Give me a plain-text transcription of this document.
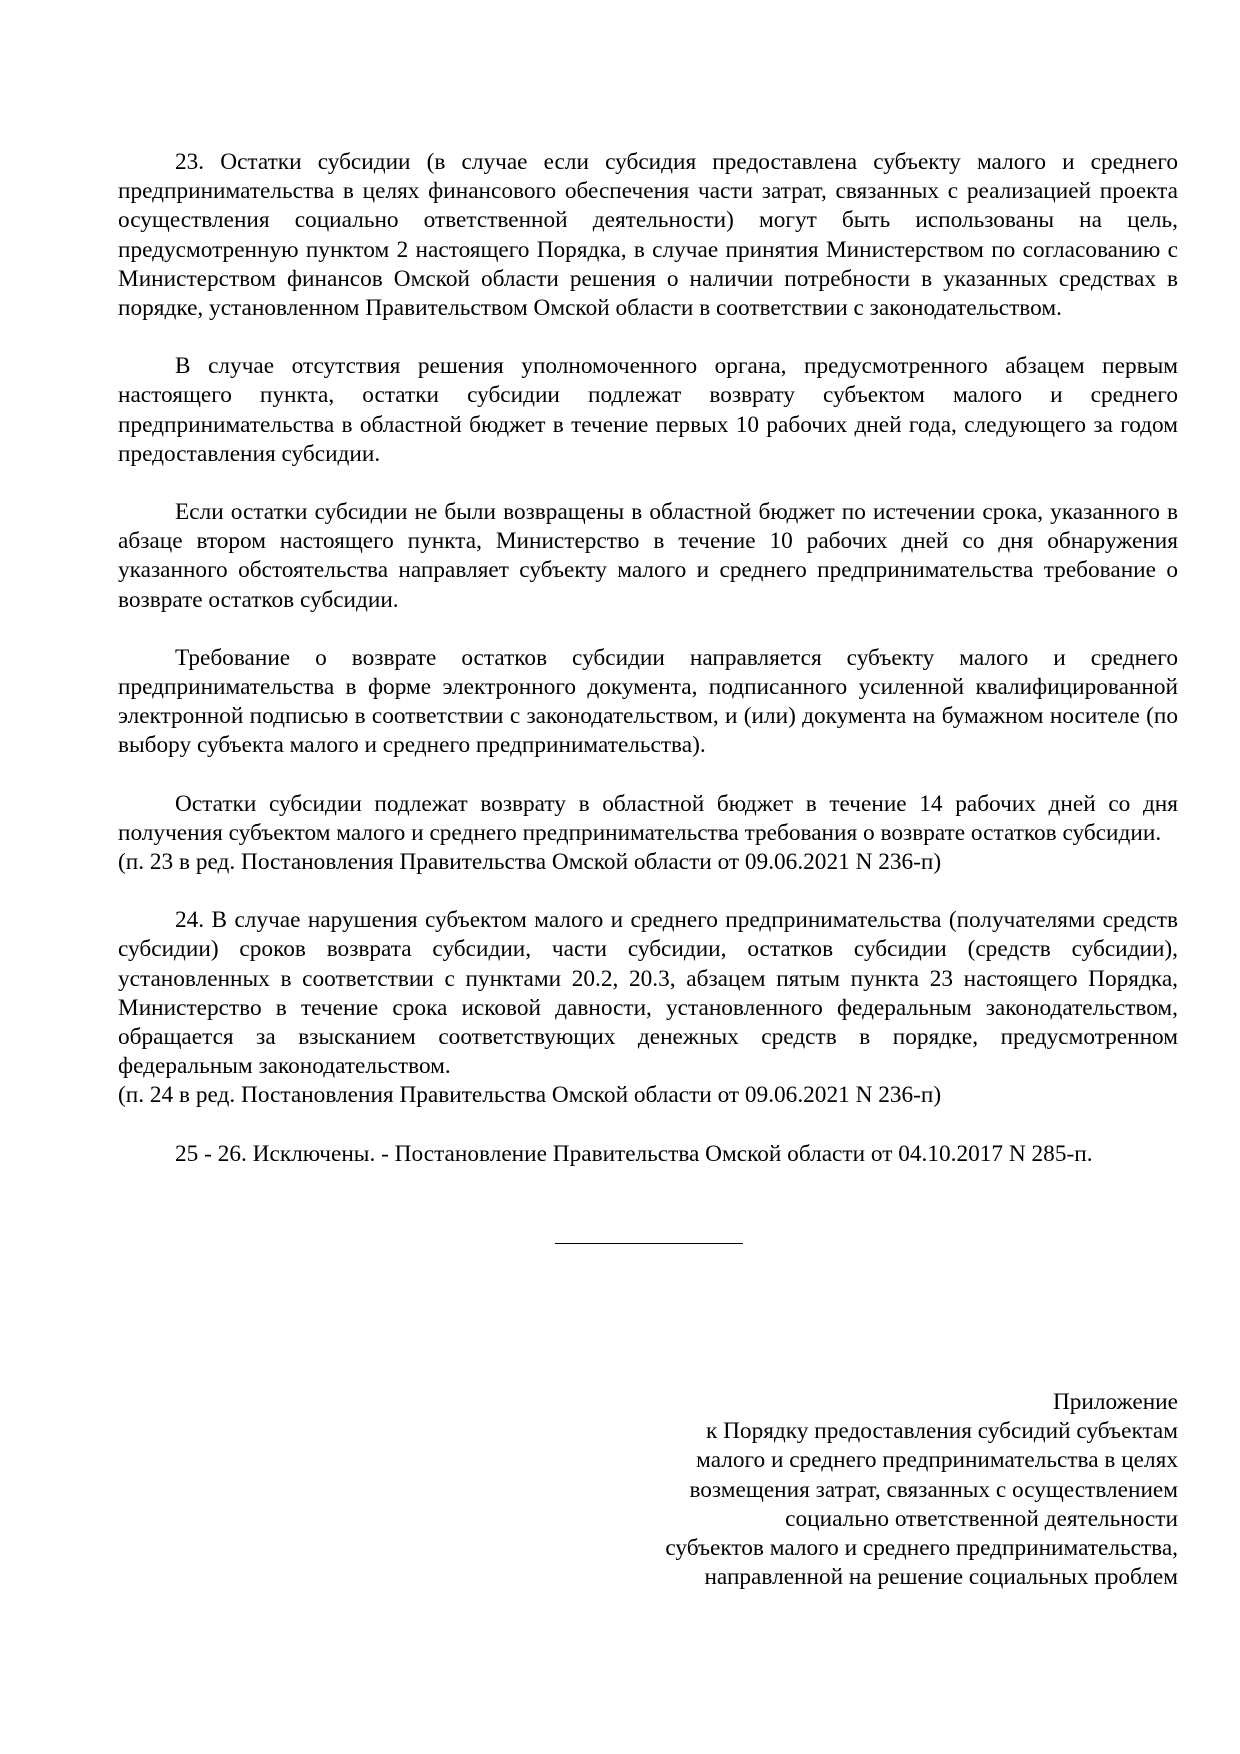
23. Остатки субсидии (в случае если субсидия предоставлена субъекту малого и среднего предпринимательства в целях финансового обеспечения части затрат, связанных с реализацией проекта осуществления социально ответственной деятельности) могут быть использованы на цель, предусмотренную пунктом 2 настоящего Порядка, в случае принятия Министерством по согласованию с Министерством финансов Омской области решения о наличии потребности в указанных средствах в порядке, установленном Правительством Омской области в соответствии с законодательством.

В случае отсутствия решения уполномоченного органа, предусмотренного абзацем первым настоящего пункта, остатки субсидии подлежат возврату субъектом малого и среднего предпринимательства в областной бюджет в течение первых 10 рабочих дней года, следующего за годом предоставления субсидии.

Если остатки субсидии не были возвращены в областной бюджет по истечении срока, указанного в абзаце втором настоящего пункта, Министерство в течение 10 рабочих дней со дня обнаружения указанного обстоятельства направляет субъекту малого и среднего предпринимательства требование о возврате остатков субсидии.

Требование о возврате остатков субсидии направляется субъекту малого и среднего предпринимательства в форме электронного документа, подписанного усиленной квалифицированной электронной подписью в соответствии с законодательством, и (или) документа на бумажном носителе (по выбору субъекта малого и среднего предпринимательства).

Остатки субсидии подлежат возврату в областной бюджет в течение 14 рабочих дней со дня получения субъектом малого и среднего предпринимательства требования о возврате остатков субсидии.

(п. 23 в ред. Постановления Правительства Омской области от 09.06.2021 N 236-п)

24. В случае нарушения субъектом малого и среднего предпринимательства (получателями средств субсидии) сроков возврата субсидии, части субсидии, остатков субсидии (средств субсидии), установленных в соответствии с пунктами 20.2, 20.3, абзацем пятым пункта 23 настоящего Порядка, Министерство в течение срока исковой давности, установленного федеральным законодательством, обращается за взысканием соответствующих денежных средств в порядке, предусмотренном федеральным законодательством.

(п. 24 в ред. Постановления Правительства Омской области от 09.06.2021 N 236-п)

25 - 26. Исключены. - Постановление Правительства Омской области от 04.10.2017 N 285-п.

Приложение
к Порядку предоставления субсидий субъектам
малого и среднего предпринимательства в целях
возмещения затрат, связанных с осуществлением
социально ответственной деятельности
субъектов малого и среднего предпринимательства,
направленной на решение социальных проблем
